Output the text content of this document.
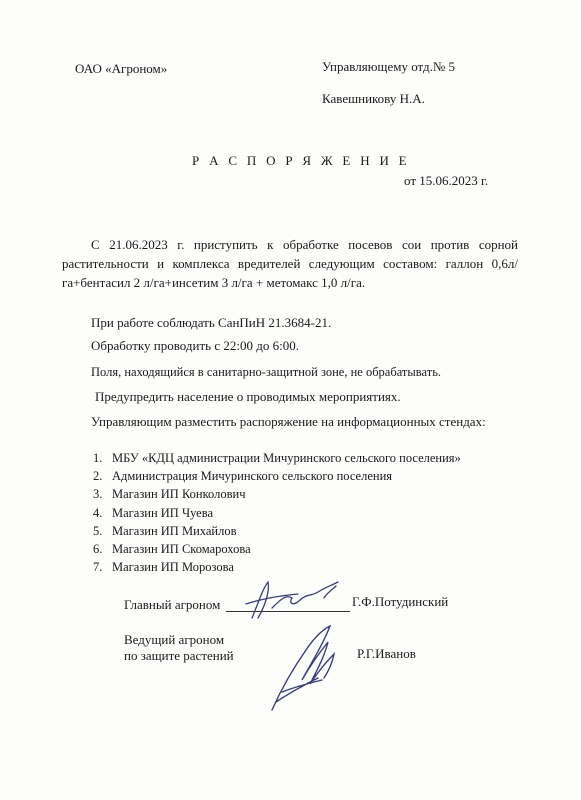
ОАО «Агроном»	Управляющему отд.№ 5
Кавешникову Н.А.
Р А С П О Р Я Ж Е Н И Е
от 15.06.2023 г.
С 21.06.2023 г. приступить к обработке посевов сои против сорной растительности и комплекса вредителей следующим составом: галлон 0,6л/га+бентасил 2 л/га+инсетим 3 л/га + метомакс 1,0 л/га.
При работе соблюдать СанПиН 21.3684-21.
Обработку проводить с 22:00 до 6:00.
Поля, находящийся в санитарно-защитной зоне, не обрабатывать.
Предупредить население о проводимых мероприятиях.
Управляющим разместить распоряжение на информационных стендах:
1. МБУ «КДЦ администрации Мичуринского сельского поселения»
2. Администрация Мичуринского сельского поселения
3. Магазин ИП Конколович
4. Магазин ИП Чуева
5. Магазин ИП Михайлов
6. Магазин ИП Скомарохова
7. Магазин ИП Морозова
Главный агроном	Г.Ф.Потудинский
Ведущий агроном
по защите растений	Р.Г.Иванов
